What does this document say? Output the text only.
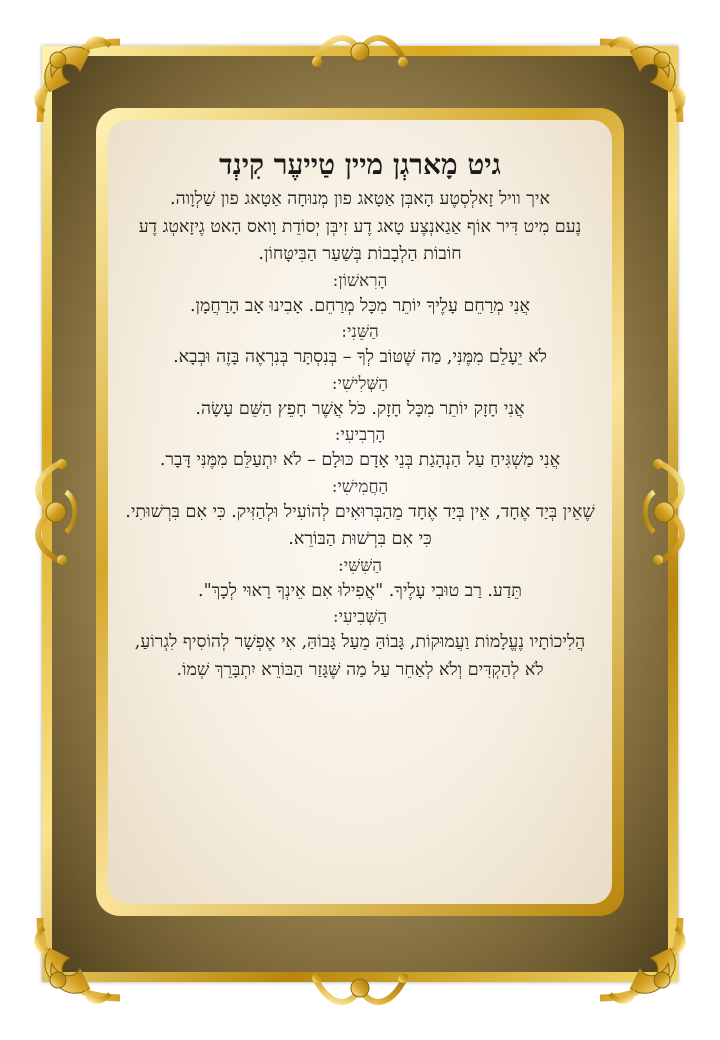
גיט מָארגְן מיין טַייעֶר קִינְד

איך וויל זָאלְסְטֶע הָאבְּן אַטָאג פון מְנוּחָה אַטָאג פון שַׁלְוָוה.

נֶעם מִיט דִּיר אוֹף אַגַאנְצֶע טָאג דֶע זִיבְּן יְסוֹדֵת וָואס הָאט גֶיזָאטְג דֶע חוֹבוֹת הַלְבָבוֹת בְּשַׁעַר הַבִּיטָּחוֹן.

הָרִאשׁוֹן:

אֲנִי מְרַחֵם עָלֶיךָ יוֹתֵר מִכָּל מְרַחֵם. אָבִינוּ אָב הָרַחֲמָן.

הַשֵּׁנִי:

לֹא יֵעָלֵם מִמֶּנִּי, מַה שֶּׁטּוֹב לְךָ – בְּנִסְתָּר בְּנִרְאֶה בָּזֶה וּבְבָא.

הַשְּׁלִישִׁי:

אֲנִי חָזָק יוֹתֵר מִכָּל חָזָק. כֹּל אֲשֶׁר חָפֵץ הַשֵּׁם עָשָׂה.

הָרְבִיעִי:

אֲנִי מַשְׁגִּיחַ עַל הַנְהָגַת בְּנֵי אָדָם כּוּלָם – לֹא יִתְעַלֵּם מִמֶּנִּי דָּבָר.

הַחֲמִישִׁי:

שֶׁאֵין בְּיַד אֶחָד, אֵין בְּיַד אֶחָד מֵהַבְּרוּאִים לְהוֹעִיל וּלְהַזִּיק. כִּי אִם בִּרְשׁוּתִי. כִּי אִם בִּרְשׁוּת הַבּוֹרֵא.

הַשִּׁשִּׁי:

תֵּדַע. רַב טוּבִי עָלֶיךָ. "אֲפִילוּ אִם אֵינְךָ רָאוּי לְכָךְ".

הַשְּׁבִיעִי:

הֲלִיכוֹתָיו נֶעֱלָמוֹת וַעֲמוּקוֹת, גָּבוֹהַּ מֵעַל גָּבוֹהַּ, אִי אֶפְשָׁר לְהוֹסִיף לִגְרוֹעַ, לֹא לְהַקְדִּים וְלֹא לְאַחֵר עַל מַה שֶּׁגָּזַר הַבּוֹרֵא יִתְבָּרֵךְ שְׁמוֹ.
